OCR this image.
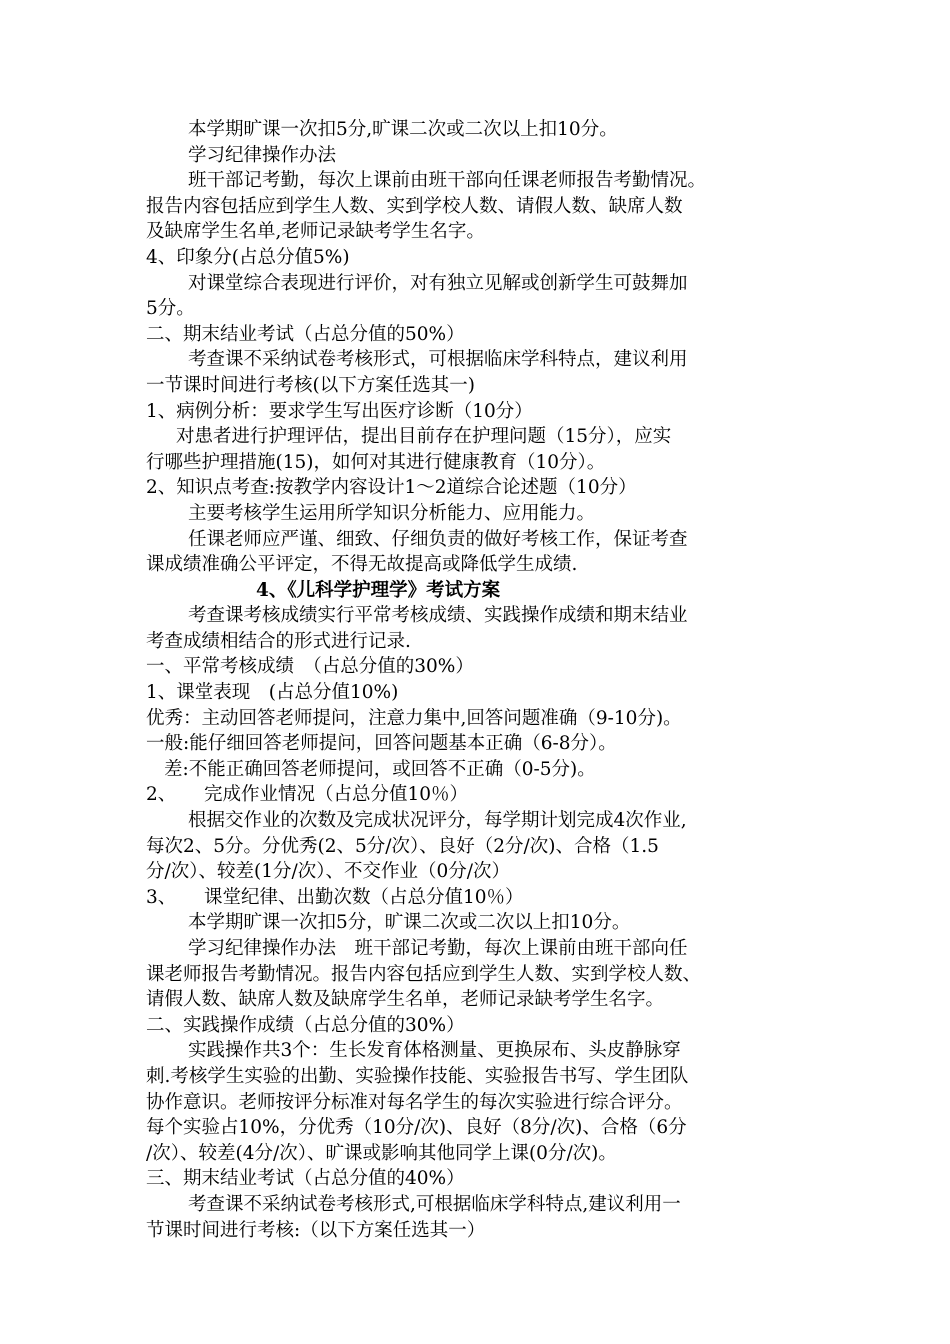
本学期旷课一次扣5分,旷课二次或二次以上扣10分。
学习纪律操作办法
班干部记考勤，每次上课前由班干部向任课老师报告考勤情况。
报告内容包括应到学生人数、实到学校人数、请假人数、缺席人数
及缺席学生名单,老师记录缺考学生名字。
4、印象分(占总分值5%)
对课堂综合表现进行评价，对有独立见解或创新学生可鼓舞加
5分。
二、期末结业考试（占总分值的50%）
考查课不采纳试卷考核形式，可根据临床学科特点，建议利用
一节课时间进行考核(以下方案任选其一)
1、病例分析：要求学生写出医疗诊断（10分）
对患者进行护理评估，提出目前存在护理问题（15分），应实
行哪些护理措施(15)，如何对其进行健康教育（10分）。
2、知识点考查:按教学内容设计1～2道综合论述题（10分）
主要考核学生运用所学知识分析能力、应用能力。
任课老师应严谨、细致、仔细负责的做好考核工作，保证考查
课成绩准确公平评定，不得无故提高或降低学生成绩.
4、《儿科学护理学》考试方案
考查课考核成绩实行平常考核成绩、实践操作成绩和期末结业
考查成绩相结合的形式进行记录.
一、平常考核成绩　（占总分值的30%）
1、课堂表现　(占总分值10%)
优秀：主动回答老师提问，注意力集中,回答问题准确（9-10分)。
一般:能仔细回答老师提问，回答问题基本正确（6-8分）。
差:不能正确回答老师提问，或回答不正确（0-5分)。
2、　　完成作业情况（占总分值10％）
根据交作业的次数及完成状况评分，每学期计划完成4次作业,
每次2、5分。分优秀(2、5分/次）、良好（2分/次)、合格（1.5
分/次）、较差(1分/次）、不交作业（0分/次）
3、　　课堂纪律、出勤次数（占总分值10％）
本学期旷课一次扣5分，旷课二次或二次以上扣10分。
学习纪律操作办法　班干部记考勤，每次上课前由班干部向任
课老师报告考勤情况。报告内容包括应到学生人数、实到学校人数、
请假人数、缺席人数及缺席学生名单，老师记录缺考学生名字。
二、实践操作成绩（占总分值的30%）
实践操作共3个：生长发育体格测量、更换尿布、头皮静脉穿
刺.考核学生实验的出勤、实验操作技能、实验报告书写、学生团队
协作意识。老师按评分标准对每名学生的每次实验进行综合评分。
每个实验占10%，分优秀（10分/次)、良好（8分/次)、合格（6分
/次）、较差(4分/次）、旷课或影响其他同学上课(0分/次)。
三、期末结业考试（占总分值的40%）
考查课不采纳试卷考核形式,可根据临床学科特点,建议利用一
节课时间进行考核:（以下方案任选其一）
